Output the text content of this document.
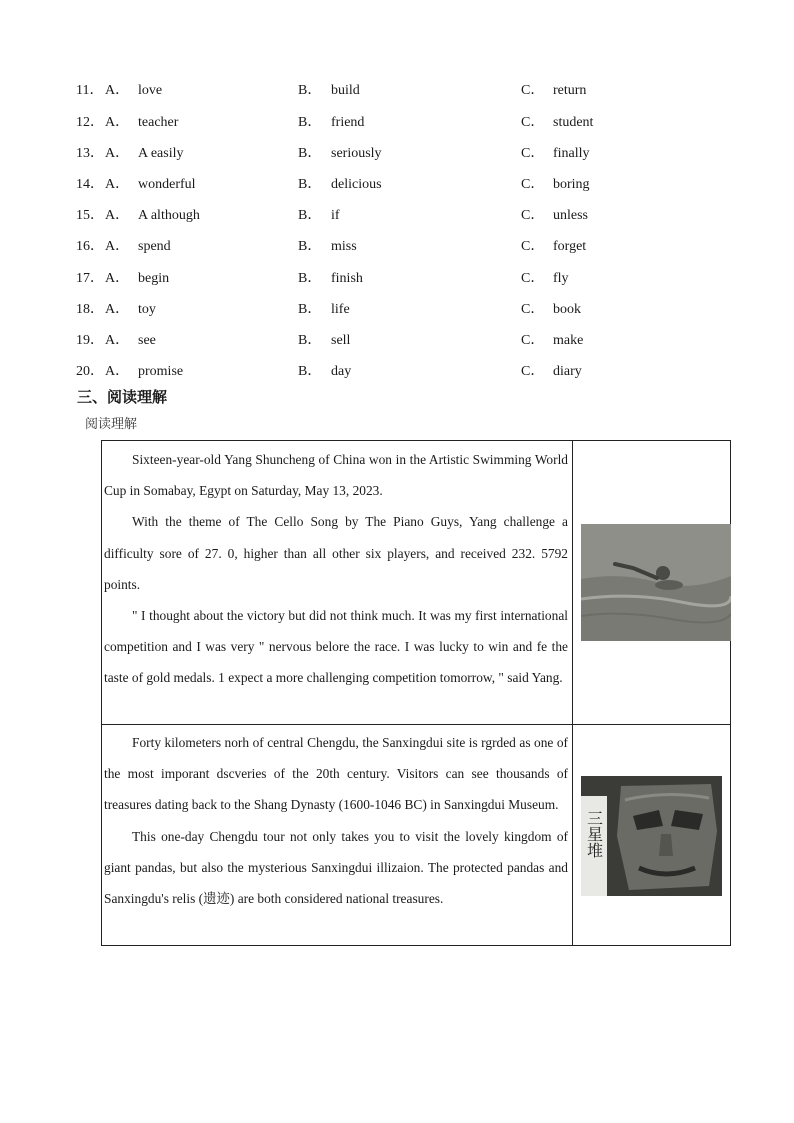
11． A． love	B． build	C． return
12． A． teacher	B． friend	C． student
13． A． A easily	B． seriously	C． finally
14． A． wonderful	B． delicious	C． boring
15． A． A although	B． if	C． unless
16． A． spend	B． miss	C． forget
17． A． begin	B． finish	C． fly
18． A． toy	B． life	C． book
19． A． see	B． sell	C． make
20． A． promise	B． day	C． diary
三、阅读理解
阅读理解

Sixteen-year-old Yang Shuncheng of China won in the Artistic Swimming World Cup in Somabay, Egypt on Saturday, May 13, 2023.

With the theme of The Cello Song by The Piano Guys, Yang challenge a difficulty sore of 27. 0, higher than all other six players, and received 232. 5792 points.

" I thought about the victory but did not think much. It was my first international competition and I was very " nervous belore the race. I was lucky to win and fe the taste of gold medals. 1 expect a more challenging competition tomorrow, " said Yang.

Forty kilometers norh of central Chengdu, the Sanxingdui site is rgrded as one of the most imporant dscveries of the 20th century. Visitors can see thousands of treasures dating back to the Shang Dynasty (1600-1046 BC) in Sanxingdui Museum.

This one-day Chengdu tour not only takes you to visit the lovely kingdom of giant pandas, but also the mysterious Sanxingdui illizaion. The protected pandas and Sanxingdu's relis (遗迹) are both considered national treasures.

三星堆
